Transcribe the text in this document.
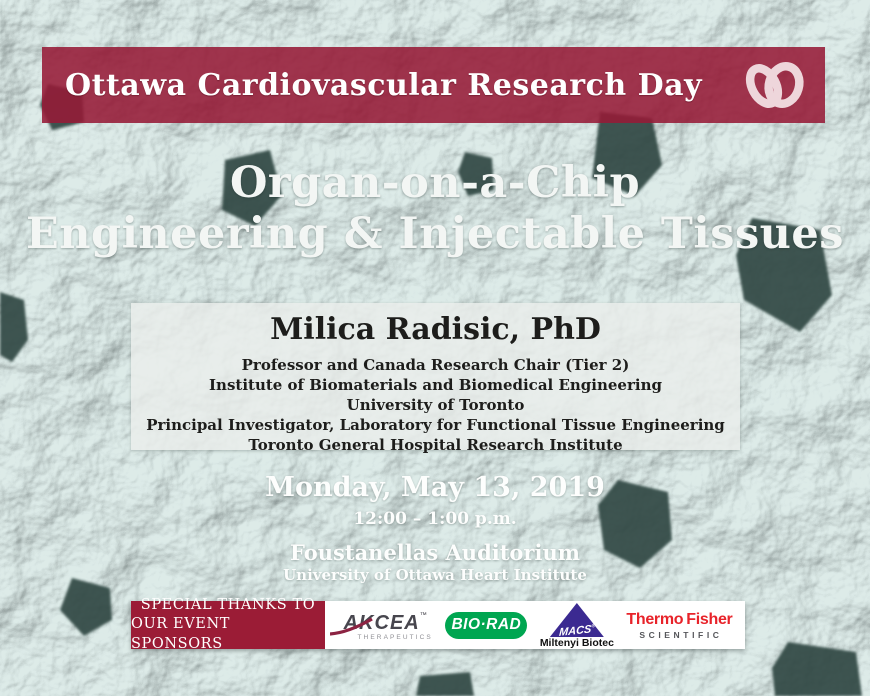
Ottawa Cardiovascular Research Day
Organ-on-a-Chip
Engineering & Injectable Tissues
Milica Radisic, PhD
Professor and Canada Research Chair (Tier 2)
Institute of Biomaterials and Biomedical Engineering
University of Toronto
Principal Investigator, Laboratory for Functional Tissue Engineering
Toronto General Hospital Research Institute
Monday, May 13, 2019
12:00 – 1:00 p.m.
Foustanellas Auditorium
University of Ottawa Heart Institute
SPECIAL THANKS TO
OUR EVENT SPONSORS
AKCEA™
THERAPEUTICS
BIO·RAD	MACS®
Miltenyi Biotec
Thermo Fisher
SCIENTIFIC
